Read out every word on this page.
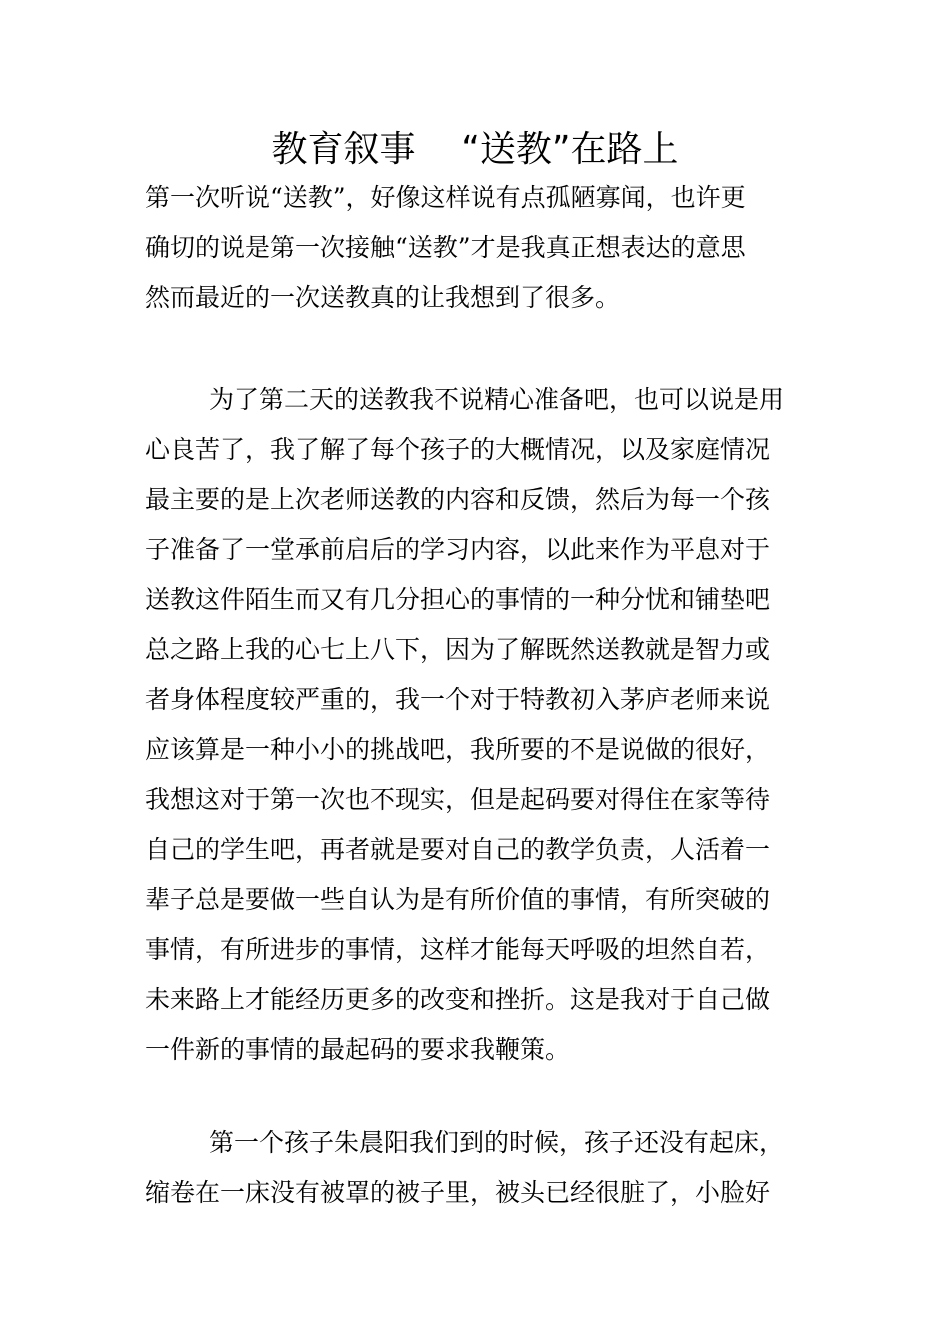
教育叙事    “送教”在路上
第一次听说“送教”，好像这样说有点孤陋寡闻，也许更
确切的说是第一次接触“送教”才是我真正想表达的意思
然而最近的一次送教真的让我想到了很多。
为了第二天的送教我不说精心准备吧，也可以说是用
心良苦了，我了解了每个孩子的大概情况，以及家庭情况
最主要的是上次老师送教的内容和反馈，然后为每一个孩
子准备了一堂承前启后的学习内容，以此来作为平息对于
送教这件陌生而又有几分担心的事情的一种分忧和铺垫吧
总之路上我的心七上八下，因为了解既然送教就是智力或
者身体程度较严重的，我一个对于特教初入茅庐老师来说
应该算是一种小小的挑战吧，我所要的不是说做的很好，
我想这对于第一次也不现实，但是起码要对得住在家等待
自己的学生吧，再者就是要对自己的教学负责，人活着一
辈子总是要做一些自认为是有所价值的事情，有所突破的
事情，有所进步的事情，这样才能每天呼吸的坦然自若，
未来路上才能经历更多的改变和挫折。这是我对于自己做
一件新的事情的最起码的要求我鞭策。
第一个孩子朱晨阳我们到的时候，孩子还没有起床，
缩卷在一床没有被罩的被子里，被头已经很脏了，小脸好
